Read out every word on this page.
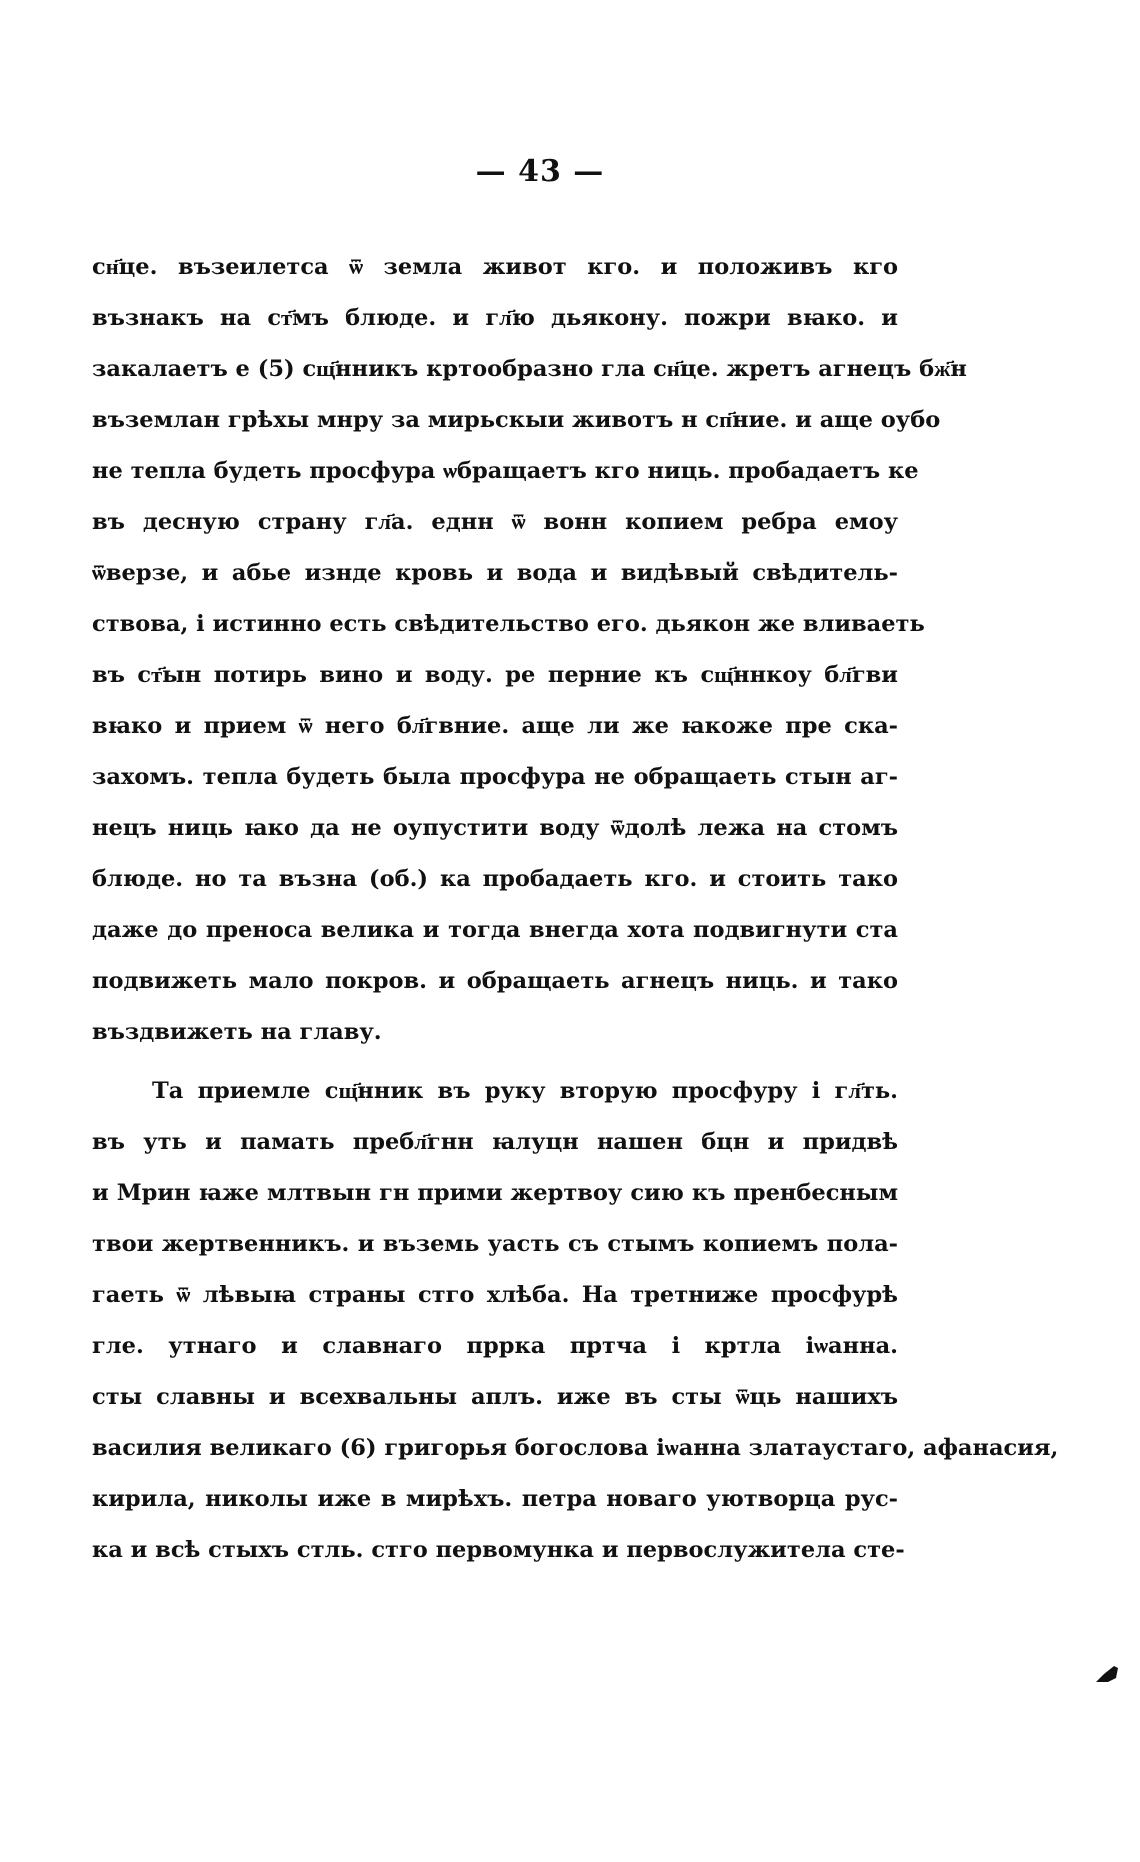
— 43 —
сн҃це. възеилетса ѿ земла живот кго. и положивъ кго
възнакъ на ст҃мъ блюде. и гл҃ю дьякону. пожри вꙗко. и
закалаетъ е (5) сщ҃нникъ кртообразно гла сн҃це. жретъ агнецъ бж҃н
въземлан грѣхы мнру за мирьскыи животъ н сп҃ние. и аще оубо
не тепла будеть просфура ѡбращаетъ кго ниць. пробадаетъ ке
въ десную страну гл҃а. еднн ѿ вонн копием ребра емоу
ѿверзе, и абье изнде кровь и вода и видѣвый свѣдитель-
ствова, і истинно есть свѣдительство его. дьякон же вливаеть
въ ст҃ын потирь вино и воду. ре перние къ сщ҃ннкоу бл҃гви
вꙗко и прием ѿ него бл҃гвние. аще ли же ꙗкоже пре ска-
захомъ. тепла будеть была просфура не обращаеть стын аг-
нецъ ниць ꙗко да не оупустити воду ѿдолѣ лежа на стомъ
блюде. но та възна (об.) ка пробадаеть кго. и стоить тако
даже до преноса велика и тогда внегда хота подвигнути ста
подвижеть мало покров. и обращаеть агнецъ ниць. и тако
въздвижеть на главу.
Та приемле сщ҃нник въ руку вторую просфуру і гл҃ть.
въ уть и памать пребл҃гнн ꙗлуцн нашен бцн и придвѣ
и Мрин ꙗже млтвын гн прими жертвоу сию къ пренбесным
твои жертвенникъ. и въземь уасть съ стымъ копиемъ пола-
гаеть ѿ лѣвыꙗ страны стго хлѣба. На третниже просфурѣ
гле. утнаго и славнаго прркa пртча і кртла іѡанна.
сты славны и всехвальны аплъ. иже въ сты ѿць нашихъ
василия великаго (6) григорья богослова іѡанна златаустаго, афанасия,
кирила, николы иже в мирѣхъ. петра новаго уютворца рус-
ка и всѣ стыхъ стль. стго первомунка и первослужителa сте-
